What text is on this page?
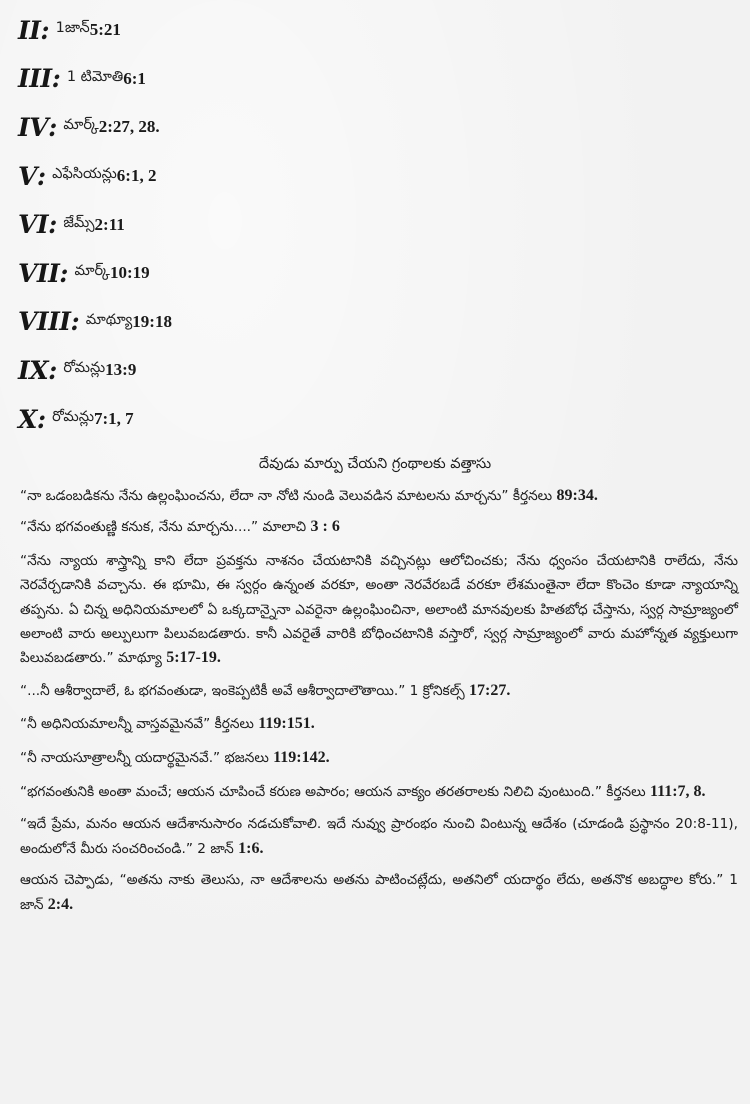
II : 1జాన్ 5:21
III : 1 టిమోతి 6:1
IV : మార్క్ 2:27, 28.
V : ఎఫేసియన్లు 6:1, 2
VI : జేమ్స్ 2:11
VII : మార్క్ 10:19
VIII : మాథ్యూ 19:18
IX : రోమన్లు 13:9
X : రోమన్లు 7:1, 7
దేవుడు మార్పు చేయని గ్రంథాలకు వత్తాసు

“నా ఒడంబడికను నేను ఉల్లంఘించను, లేదా నా నోటి నుండి వెలువడిన మాటలను మార్చను” కీర్తనలు 89:34.

“నేను భగవంతుణ్ణి కనుక, నేను మార్చను....” మాలాచి 3 : 6

“నేను న్యాయ శాస్త్రాన్ని కాని లేదా ప్రవక్తను నాశనం చేయటానికి వచ్చినట్లు ఆలోచించకు; నేను ధ్వంసం చేయటానికి రాలేదు, నేను నెరవేర్చడానికి వచ్చాను. ఈ భూమి, ఈ స్వర్గం ఉన్నంత వరకూ, అంతా నెరవేరబడే వరకూ లేశమంతైనా లేదా కొంచెం కూడా న్యాయాన్ని తప్పను. ఏ చిన్న అధినియమాలలో ఏ ఒక్కదాన్నైనా ఎవరైనా ఉల్లంఘించినా, అలాంటి మానవులకు హితబోధ చేస్తాను, స్వర్గ సామ్రాజ్యంలో అలాంటి వారు అల్పులుగా పిలువబడతారు. కానీ ఎవరైతే వారికి బోధించటానికి వస్తారో, స్వర్గ సామ్రాజ్యంలో వారు మహోన్నత వ్యక్తులుగా పిలువబడతారు.” మాథ్యూ 5:17-19.

“...నీ ఆశీర్వాదాలే, ఓ భగవంతుడా, ఇంకెప్పటికీ అవే ఆశీర్వాదాలౌతాయి.” 1 క్రోనికల్స్ 17:27.

“నీ అధినియమాలన్నీ వాస్తవమైనవే” కీర్తనలు 119:151.

“నీ నాయసూత్రాలన్నీ యదార్థమైనవే.” భజనలు 119:142.

“భగవంతునికి అంతా మంచే; ఆయన చూపించే కరుణ అపారం; ఆయన వాక్యం తరతరాలకు నిలిచి వుంటుంది.” కీర్తనలు 111:7, 8.

“ఇదే ప్రేమ, మనం ఆయన ఆదేశానుసారం నడచుకోవాలి. ఇదే నువ్వు ప్రారంభం నుంచి వింటున్న ఆదేశం (చూడండి ప్రస్థానం 20:8-11), అందులోనే మీరు సంచరించండి.” 2 జాన్ 1:6.

ఆయన చెప్పాడు, “అతను నాకు తెలుసు, నా ఆదేశాలను అతను పాటించట్లేదు, అతనిలో యదార్థం లేదు, అతనొక అబద్ధాల కోరు.” 1 జాన్ 2:4.
